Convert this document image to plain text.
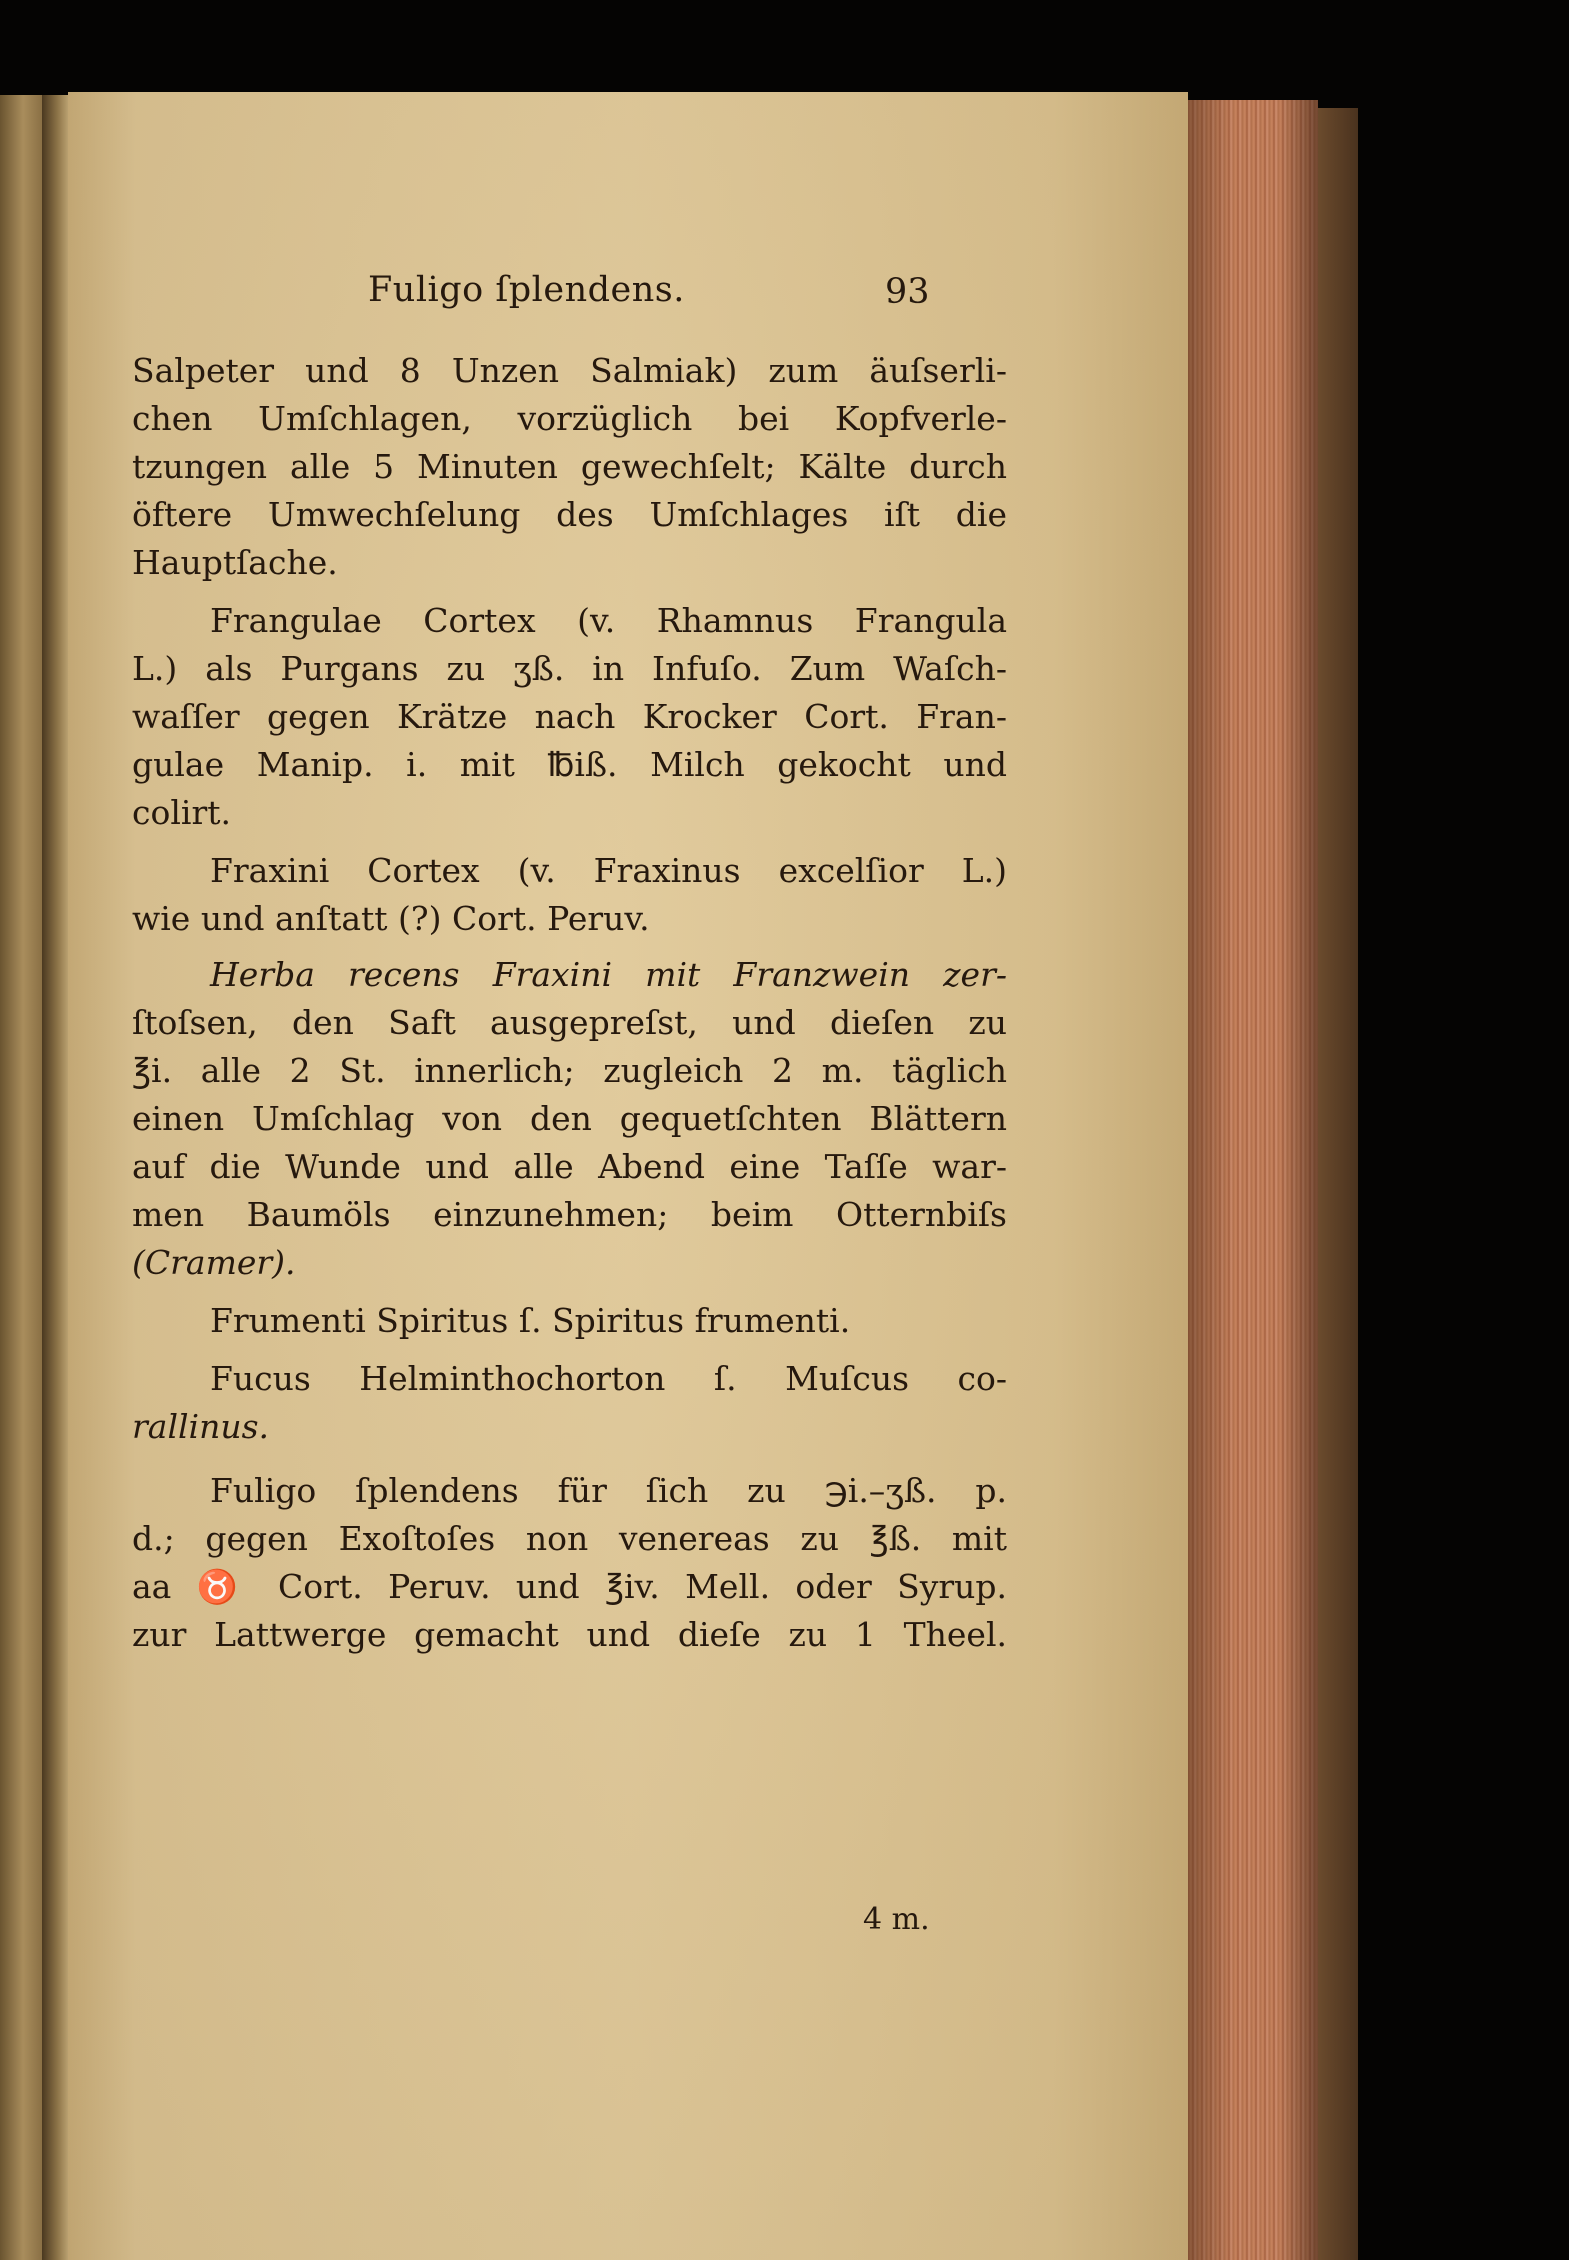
Fuligo ſplendens.	93
Salpeter und 8 Unzen Salmiak) zum äuſserli-
chen Umſchlagen, vorzüglich bei Kopfverle-
tzungen alle 5 Minuten gewechſelt; Kälte durch
öftere Umwechſelung des Umſchlages iſt die
Hauptſache.
Frangulae Cortex (v. Rhamnus Frangula
L.) als Purgans zu ʒß. in Infuſo. Zum Waſch-
waſſer gegen Krätze nach Krocker Cort. Fran-
gulae Manip. i. mit ℔iß. Milch gekocht und
colirt.
Fraxini Cortex (v. Fraxinus excelſior L.)
wie und anſtatt (?) Cort. Peruv.
Herba recens Fraxini mit Franzwein zer-
ſtoſsen, den Saft ausgepreſst, und dieſen zu
℥i. alle 2 St. innerlich; zugleich 2 m. täglich
einen Umſchlag von den gequetſchten Blättern
auf die Wunde und alle Abend eine Taſſe war-
men Baumöls einzunehmen; beim Otternbiſs
(Cramer).
Frumenti Spiritus ſ. Spiritus frumenti.
Fucus Helminthochorton ſ. Muſcus co-
rallinus.
Fuligo ſplendens für ſich zu ℈i.–ʒß. p.
d.; gegen Exoſtoſes non venereas zu ℥ß. mit
aa ♉ Cort. Peruv. und ℥iv. Mell. oder Syrup.
zur Lattwerge gemacht und dieſe zu 1 Theel.
4 m.
